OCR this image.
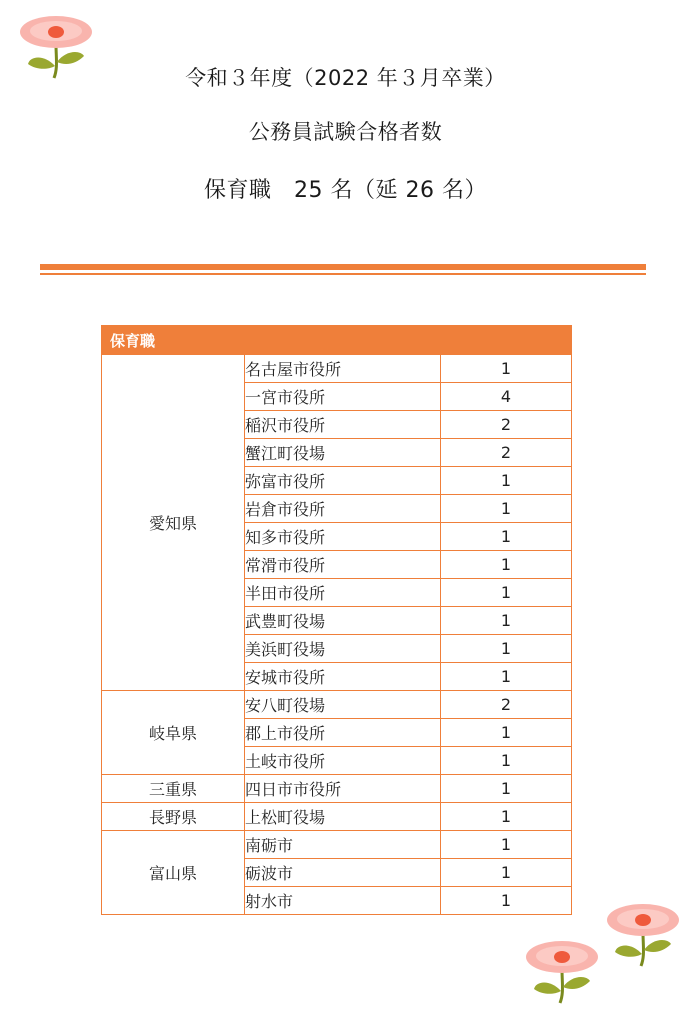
令和３年度（2022 年３月卒業）
公務員試験合格者数
保育職　25 名（延 26 名）
保育職		
愛知県	名古屋市役所	1
	一宮市役所	4
	稲沢市役所	2
	蟹江町役場	2
	弥富市役所	1
	岩倉市役所	1
	知多市役所	1
	常滑市役所	1
	半田市役所	1
	武豊町役場	1
	美浜町役場	1
	安城市役所	1
岐阜県	安八町役場	2
	郡上市役所	1
	土岐市役所	1
三重県	四日市市役所	1
長野県	上松町役場	1
富山県	南砺市	1
	砺波市	1
	射水市	1
